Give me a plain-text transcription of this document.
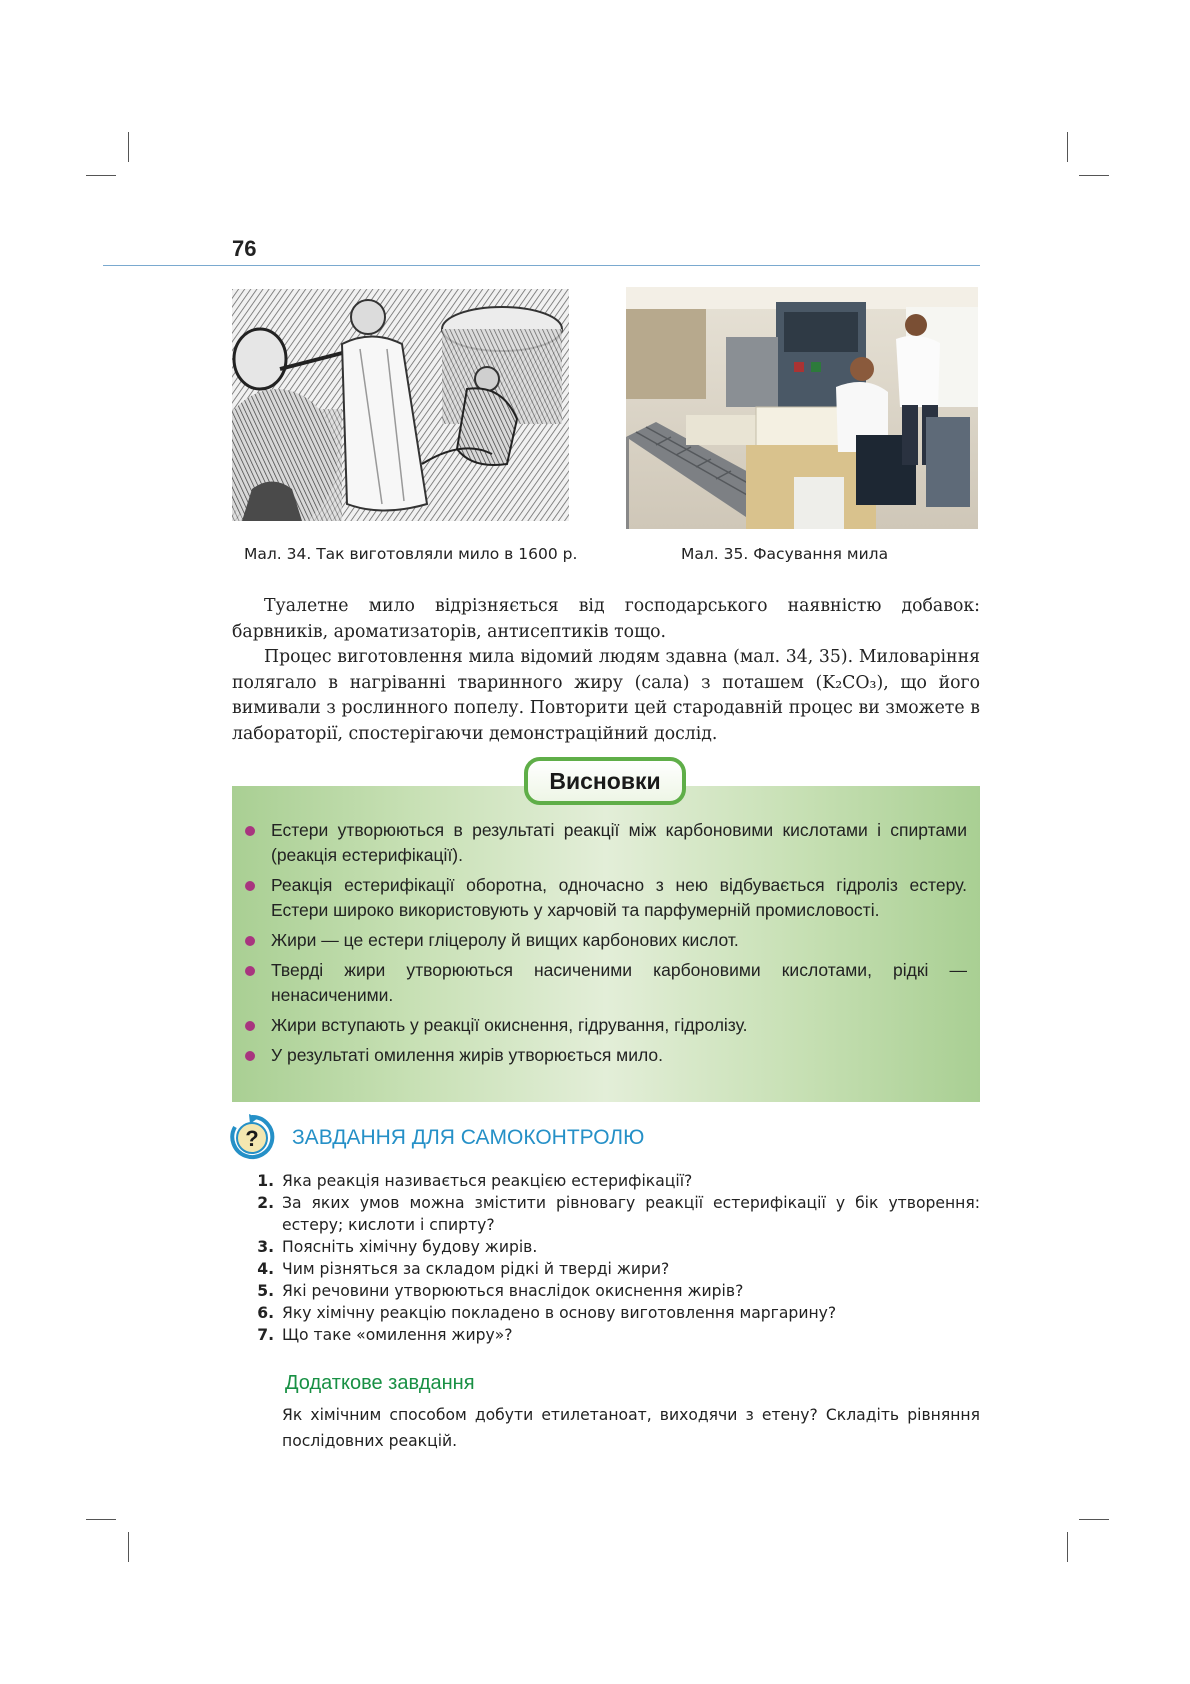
76
Мал. 34. Так виготовляли мило в 1600 р.	Мал. 35. Фасування мила

Туалетне мило відрізняється від господарського наявністю добавок: барвників, ароматизаторів, антисептиків тощо.

Процес виготовлення мила відомий людям здавна (мал. 34, 35). Миловаріння полягало в нагріванні тваринного жиру (сала) з поташем (K₂CO₃), що його вимивали з рослинного попелу. Повторити цей стародавній процес ви зможете в лабораторії, спостерігаючи демонстраційний дослід.

Висновки
Естери утворюються в результаті реакції між карбоновими кислотами і спиртами (реакція естерифікації).
Реакція естерифікації оборотна, одночасно з нею відбувається гідроліз естеру. Естери широко використовують у харчовій та парфумерній промисловості.
Жири — це естери гліцеролу й вищих карбонових кислот.
Тверді жири утворюються насиченими карбоновими кислотами, рідкі — ненасиченими.
Жири вступають у реакції окиснення, гідрування, гідролізу.
У результаті омилення жирів утворюється мило.
? ЗАВДАННЯ ДЛЯ САМОКОНТРОЛЮ
1. Яка реакція називається реакцією естерифікації?
2. За яких умов можна змістити рівновагу реакції естерифікації у бік утворення: естеру; кислоти і спирту?
3. Поясніть хімічну будову жирів.
4. Чим різняться за складом рідкі й тверді жири?
5. Які речовини утворюються внаслідок окиснення жирів?
6. Яку хімічну реакцію покладено в основу виготовлення маргарину?
7. Що таке «омилення жиру»?
Додаткове завдання

Як хімічним способом добути етилетаноат, виходячи з етену? Складіть рівняння послідовних реакцій.
